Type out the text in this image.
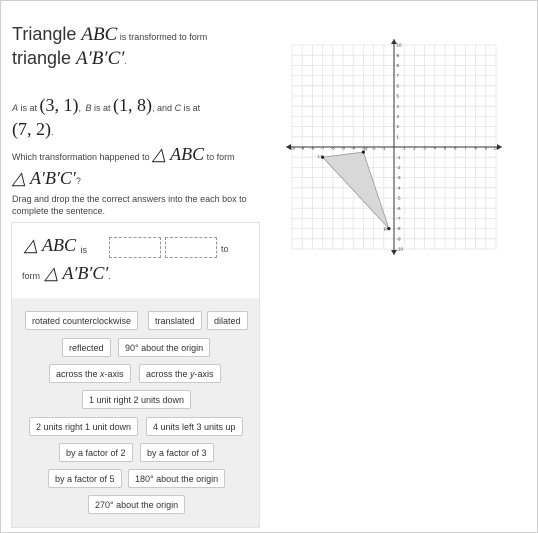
Triangle ABC is transformed to form
triangle A′B′C′.
A is at (3, 1), B is at (1, 8), and C is at
(7, 2).
Which transformation happened to △ ABC to form
△ A′B′C′?
Drag and drop the the correct answers into the each box to complete the sentence.
△ ABC is	to
form △ A′B′C′.
rotated counterclockwise	translated	dilated
reflected	90° about the origin
across the x-axis	across the y-axis
1 unit right 2 units down
2 units right 1 unit down	4 units left 3 units up
by a factor of 2	by a factor of 3
by a factor of 5	180° about the origin
270° about the origin
-10 -9 -8 -7 -6 -5 -4 -3 -2 -1	1 2 3 4 5 6 7 8 9 10
10
9
8
7
6
5
4
3
2
1
-1
-2
-3
-4
-5
-6
-7
-8
-9
-10
C′
A′
B′
